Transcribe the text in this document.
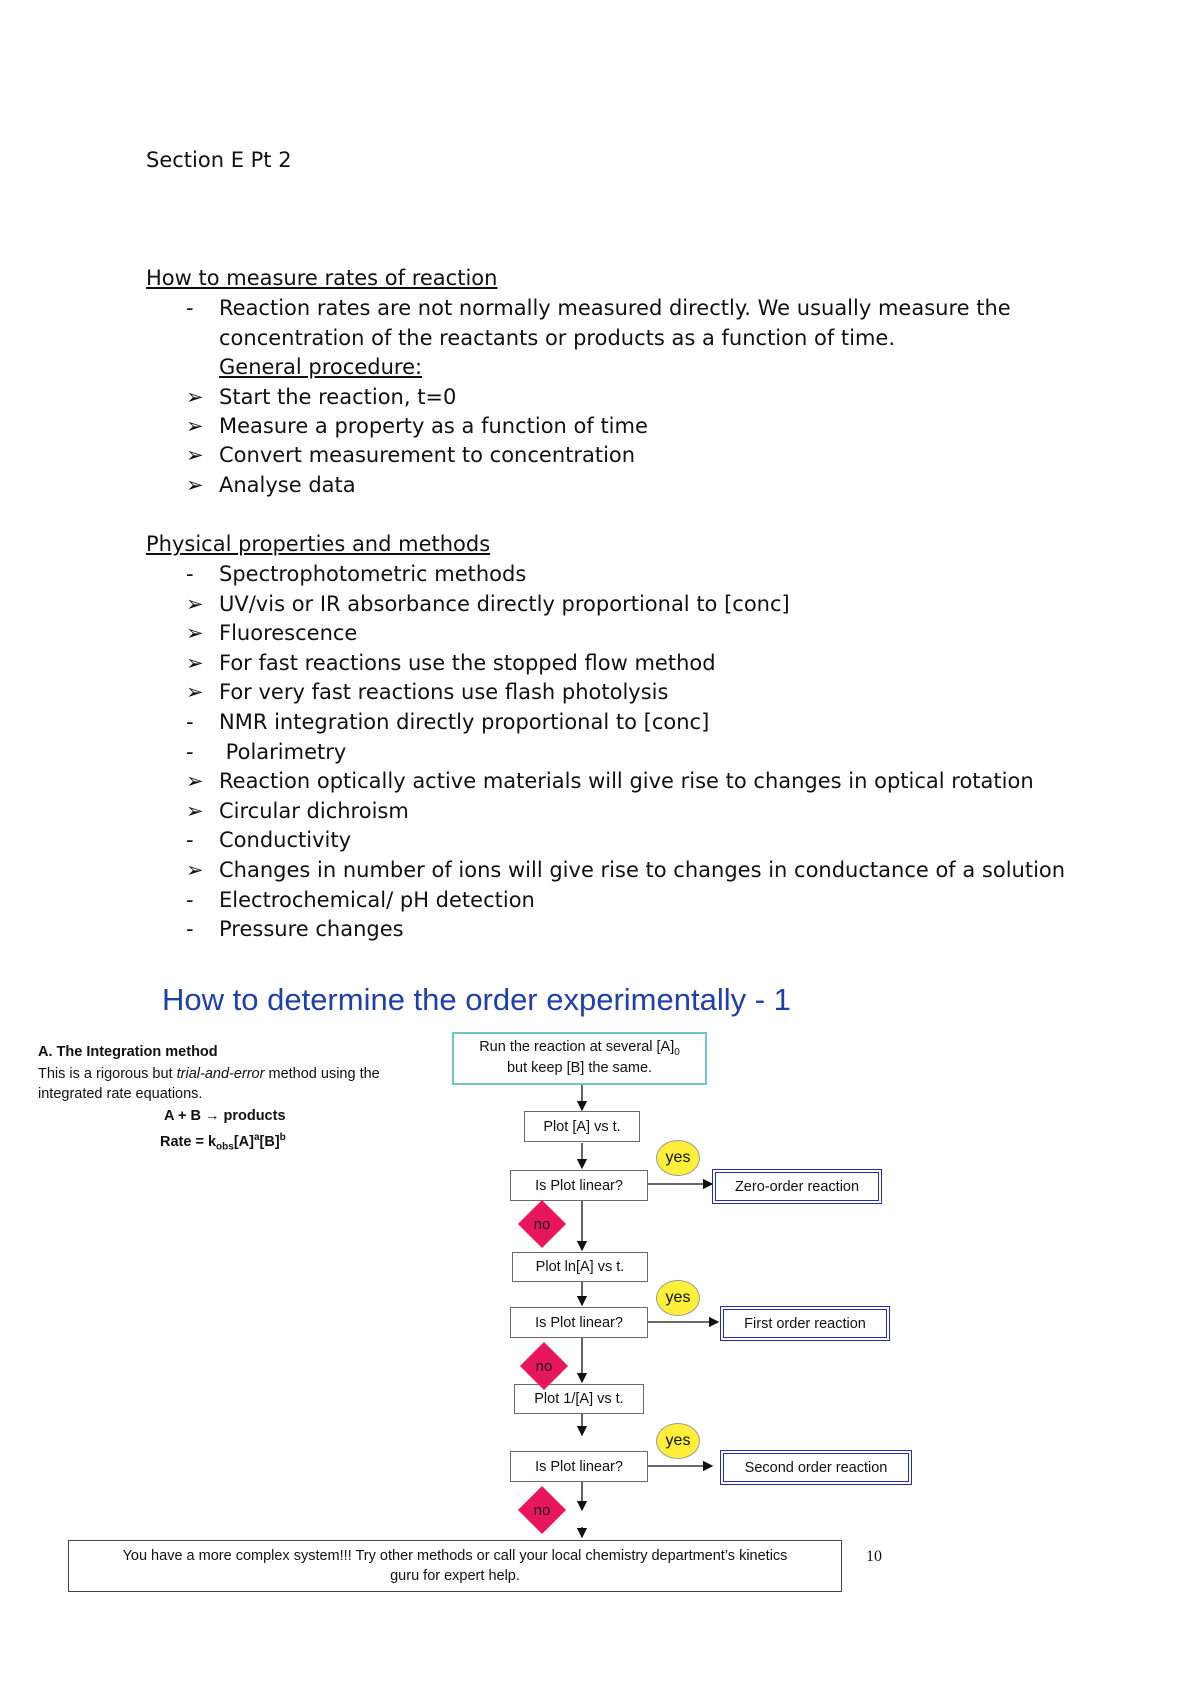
Section E Pt 2
How to measure rates of reaction
- Reaction rates are not normally measured directly. We usually measure the
concentration of the reactants or products as a function of time.
General procedure:
➢ Start the reaction, t=0
➢ Measure a property as a function of time
➢ Convert measurement to concentration
➢ Analyse data
Physical properties and methods
- Spectrophotometric methods
➢ UV/vis or IR absorbance directly proportional to [conc]
➢ Fluorescence
➢ For fast reactions use the stopped flow method
➢ For very fast reactions use flash photolysis
- NMR integration directly proportional to [conc]
- Polarimetry
➢ Reaction optically active materials will give rise to changes in optical rotation
➢ Circular dichroism
- Conductivity
➢ Changes in number of ions will give rise to changes in conductance of a solution
- Electrochemical/ pH detection
- Pressure changes
How to determine the order experimentally - 1
A. The Integration method
This is a rigorous but trial-and-error method using the
integrated rate equations.
A + B → products
Rate = $k_{obs}[A]^a[B]^b$
Run the reaction at several $[A]_0$
but keep [B] the same.
Plot [A] vs t.
Is Plot linear?	Zero-order reaction
Plot ln[A] vs t.
Is Plot linear?	First order reaction
Plot 1/[A] vs t.
Is Plot linear?	Second order reaction
yes
yes
yes
no
no
no
You have a more complex system!!! Try other methods or call your local chemistry department’s kinetics
guru for expert help.
10
